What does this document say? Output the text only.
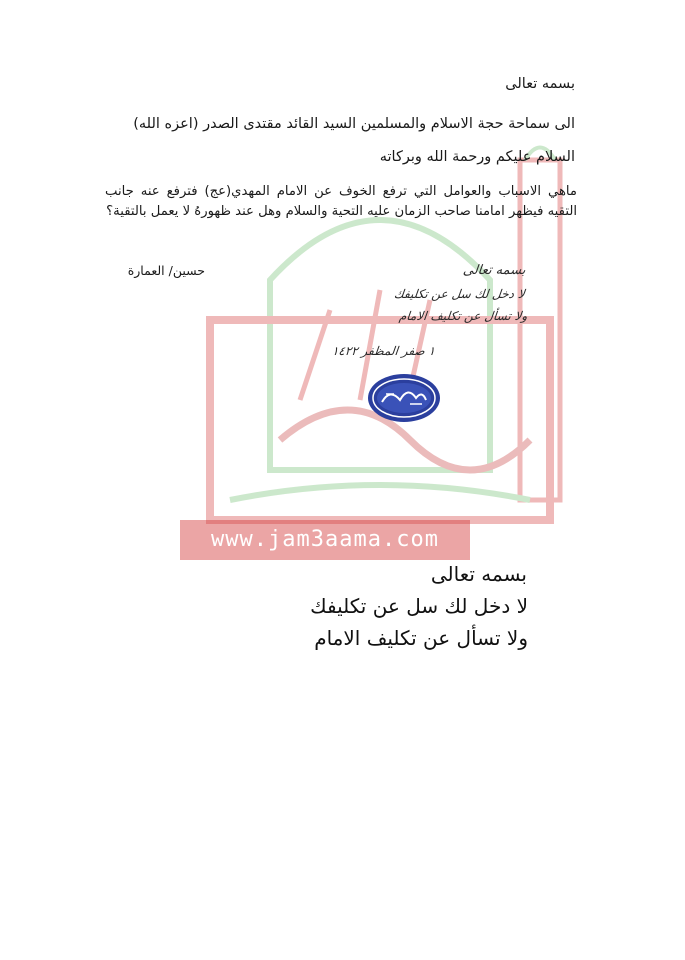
www.jam3aama.com
بسمه تعالى
الى سماحة حجة الاسلام والمسلمين السيد القائد مقتدى الصدر (اعزه الله)
السلام عليكم ورحمة الله وبركاته
ماهي الاسباب والعوامل التي ترفع الخوف عن الامام المهدي(عج) فترفع عنه جانب التقيه فيظهر امامنا صاحب الزمان عليه التحية والسلام وهل عند ظهورهُ لا يعمل بالتقية؟
حسين/ العمارة	بسمه تعالى
لا دخل لك سل عن تكليفك
ولا تسأل عن تكليف الامام
١ صفر المظفر ١٤٢٢
بسمه تعالى
لا دخل لك سل عن تكليفك
ولا تسأل عن تكليف الامام
